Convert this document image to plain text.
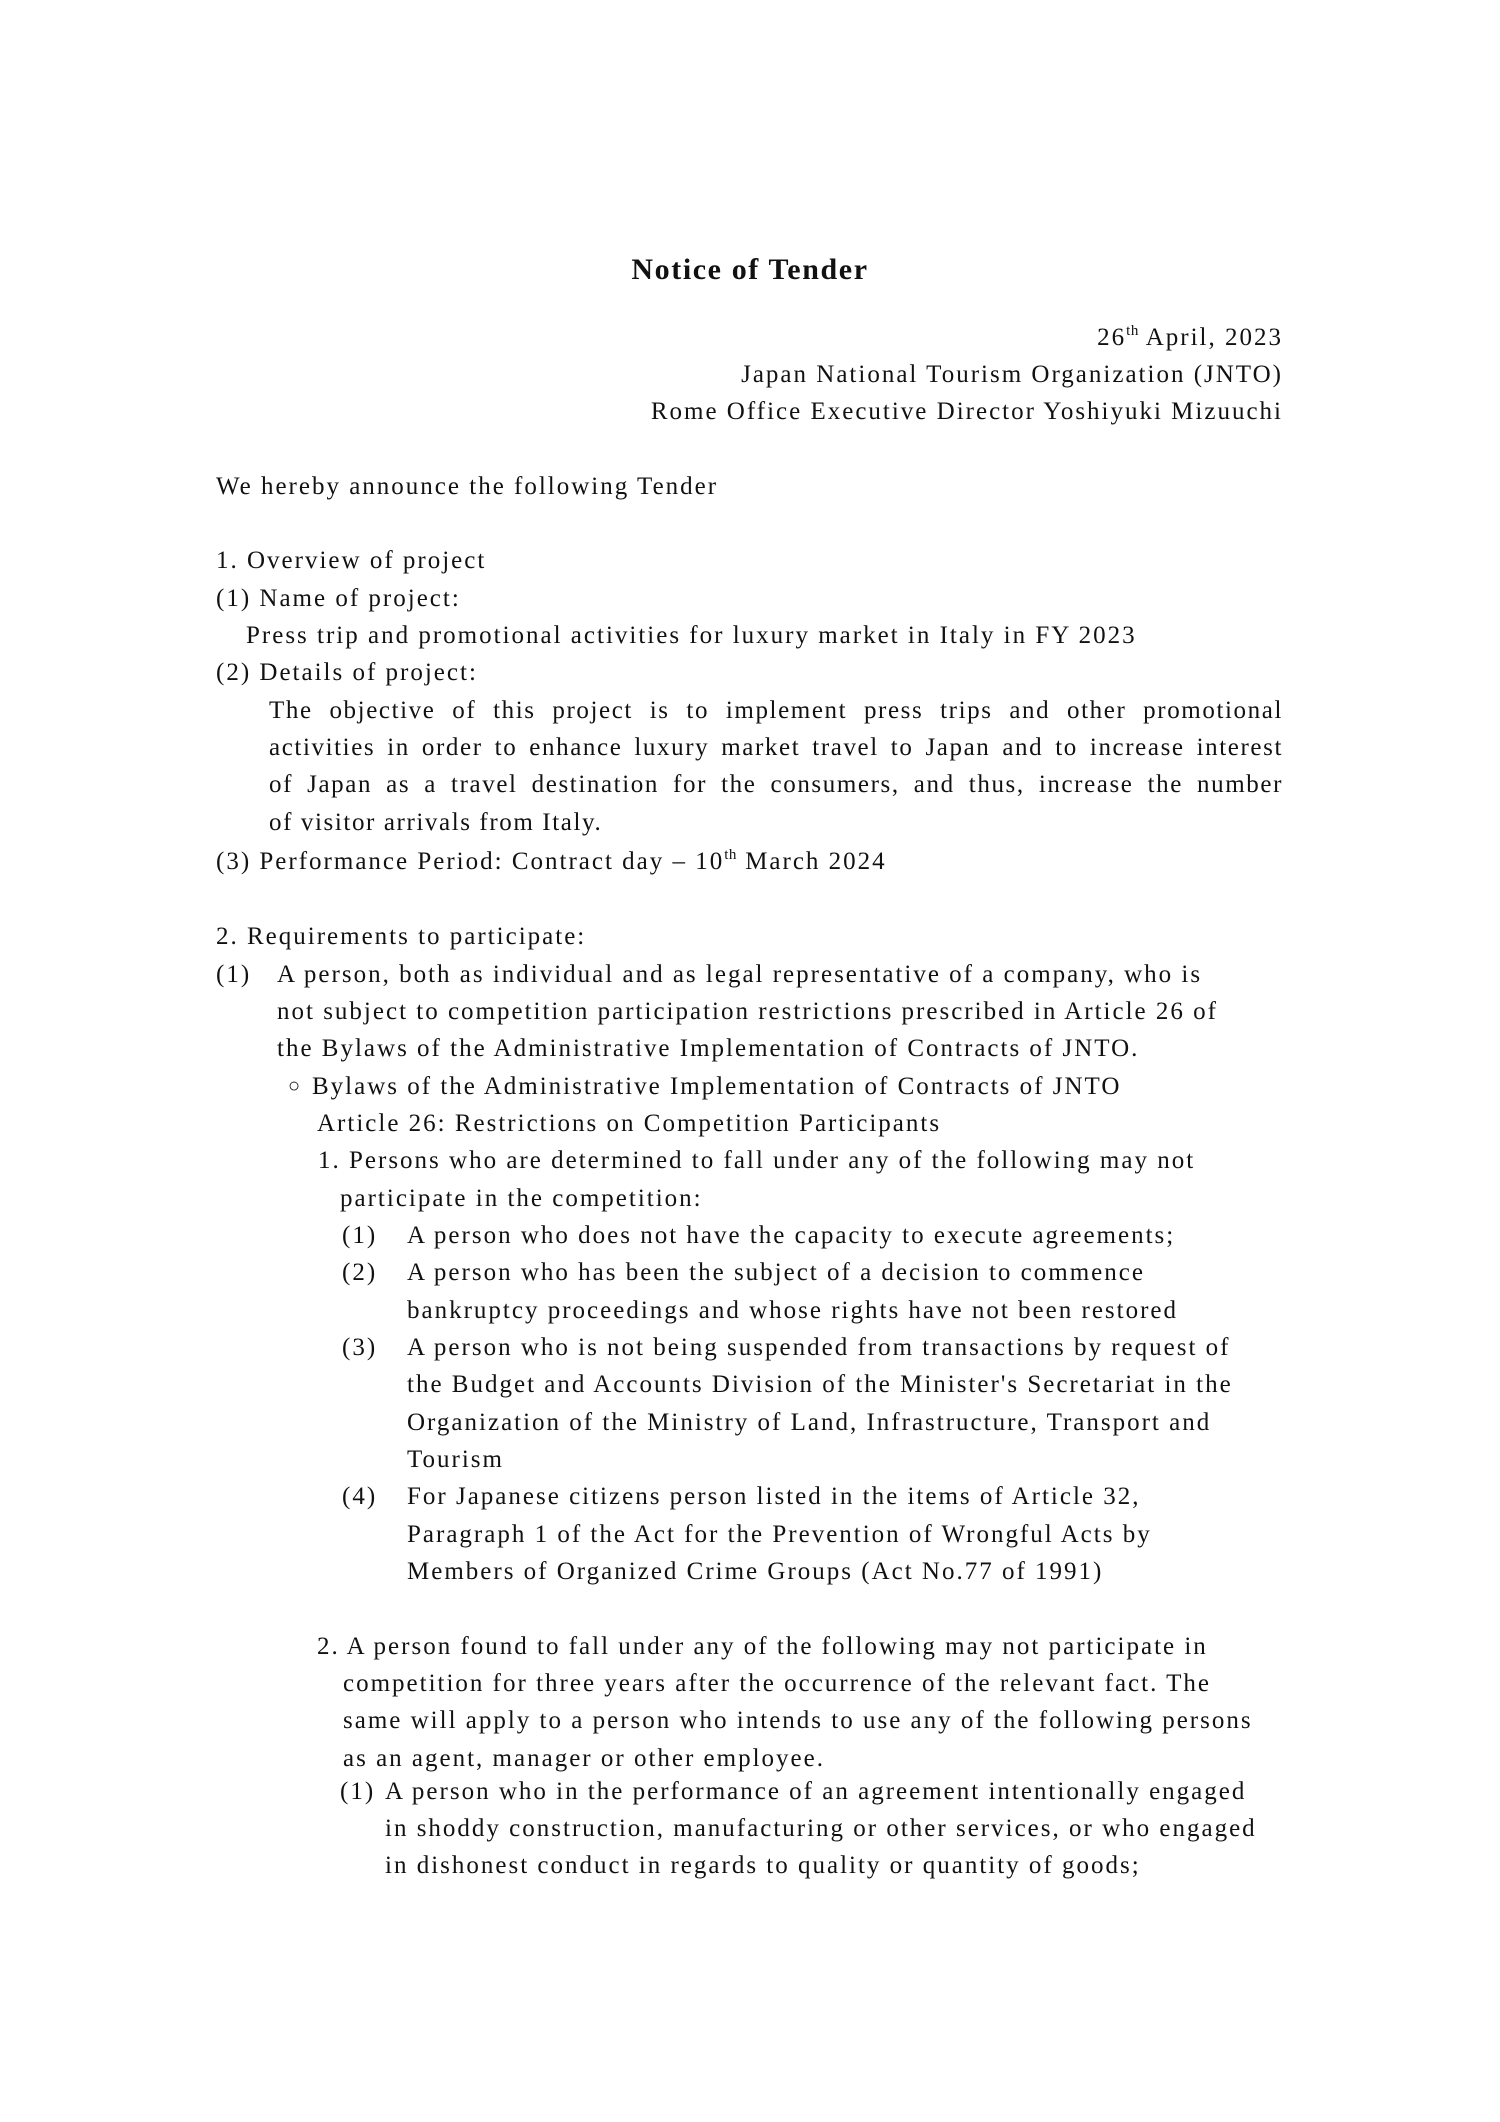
Notice of Tender
26th April, 2023
Japan National Tourism Organization (JNTO)
Rome Office Executive Director Yoshiyuki Mizuuchi
We hereby announce the following Tender
1. Overview of project
(1) Name of project:
Press trip and promotional activities for luxury market in Italy in FY 2023
(2) Details of project:
The objective of this project is to implement press trips and other promotional
activities in order to enhance luxury market travel to Japan and to increase interest
of Japan as a travel destination for the consumers, and thus, increase the number
of visitor arrivals from Italy.
(3) Performance Period: Contract day – 10th March 2024
2. Requirements to participate:
(1) A person, both as individual and as legal representative of a company, who is
not subject to competition participation restrictions prescribed in Article 26 of
the Bylaws of the Administrative Implementation of Contracts of JNTO.
○ Bylaws of the Administrative Implementation of Contracts of JNTO
Article 26: Restrictions on Competition Participants
1. Persons who are determined to fall under any of the following may not
participate in the competition:
(1) A person who does not have the capacity to execute agreements;
(2) A person who has been the subject of a decision to commence
bankruptcy proceedings and whose rights have not been restored
(3) A person who is not being suspended from transactions by request of
the Budget and Accounts Division of the Minister's Secretariat in the
Organization of the Ministry of Land, Infrastructure, Transport and
Tourism
(4) For Japanese citizens person listed in the items of Article 32,
Paragraph 1 of the Act for the Prevention of Wrongful Acts by
Members of Organized Crime Groups (Act No.77 of 1991)
2. A person found to fall under any of the following may not participate in
competition for three years after the occurrence of the relevant fact. The
same will apply to a person who intends to use any of the following persons
as an agent, manager or other employee.
(1) A person who in the performance of an agreement intentionally engaged
in shoddy construction, manufacturing or other services, or who engaged
in dishonest conduct in regards to quality or quantity of goods;
